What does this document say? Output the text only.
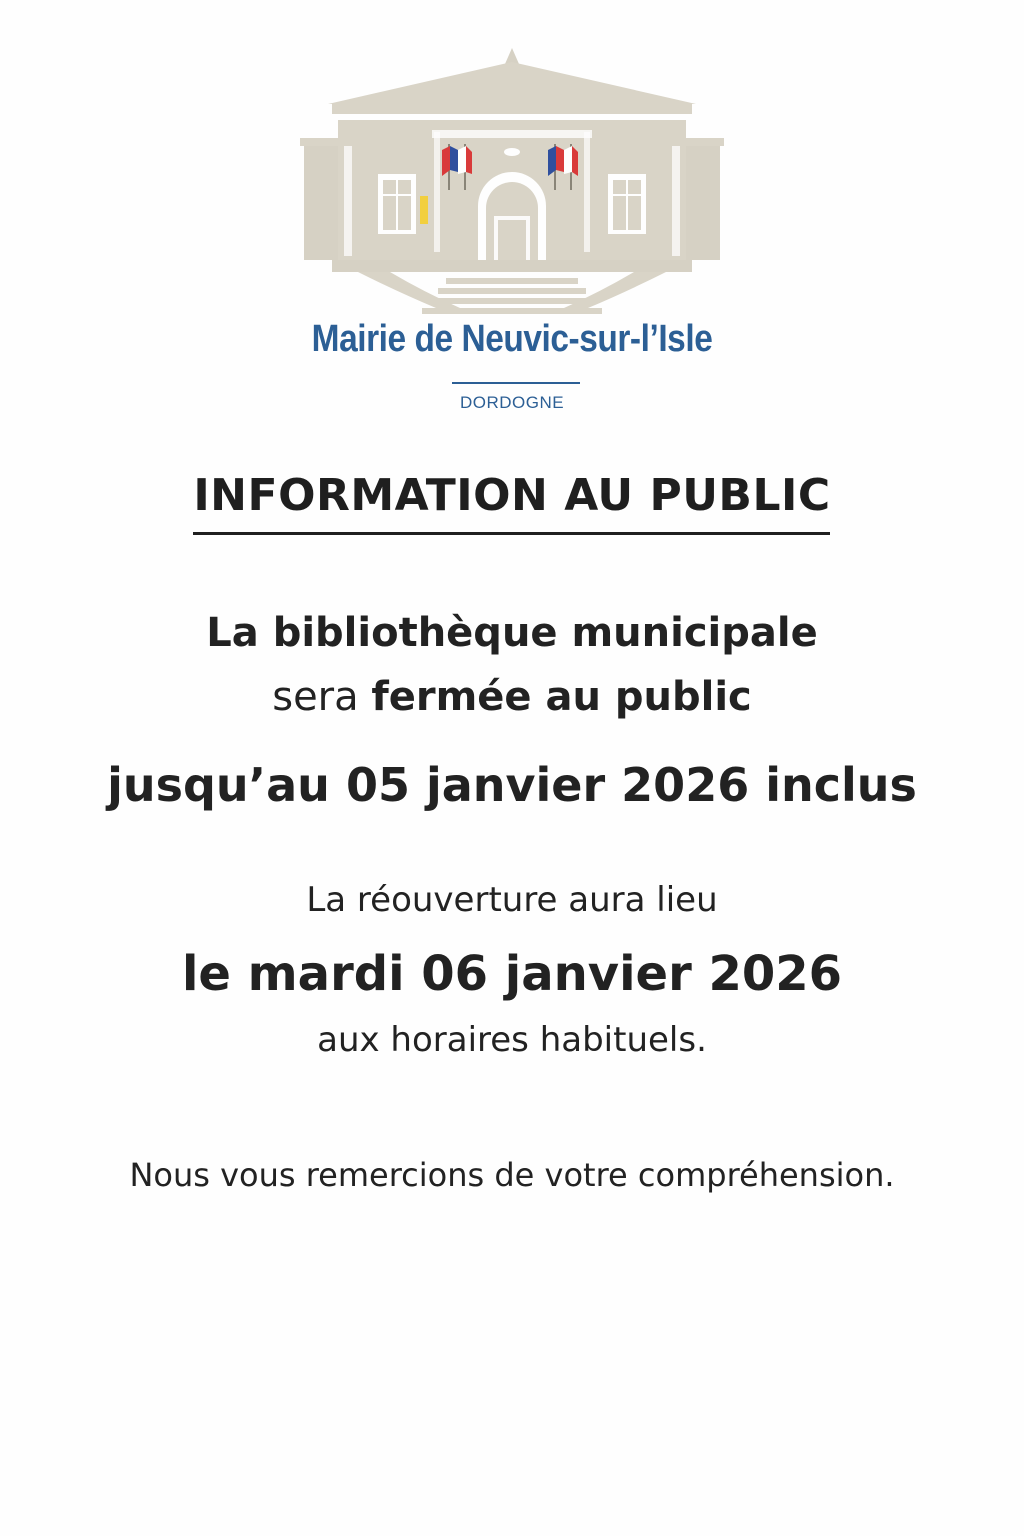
Mairie de Neuvic-sur-l’Isle
DORDOGNE
INFORMATION AU PUBLIC
La bibliothèque municipale
sera fermée au public
jusqu’au 05 janvier 2026 inclus
La réouverture aura lieu
le mardi 06 janvier 2026
aux horaires habituels.
Nous vous remercions de votre compréhension.
